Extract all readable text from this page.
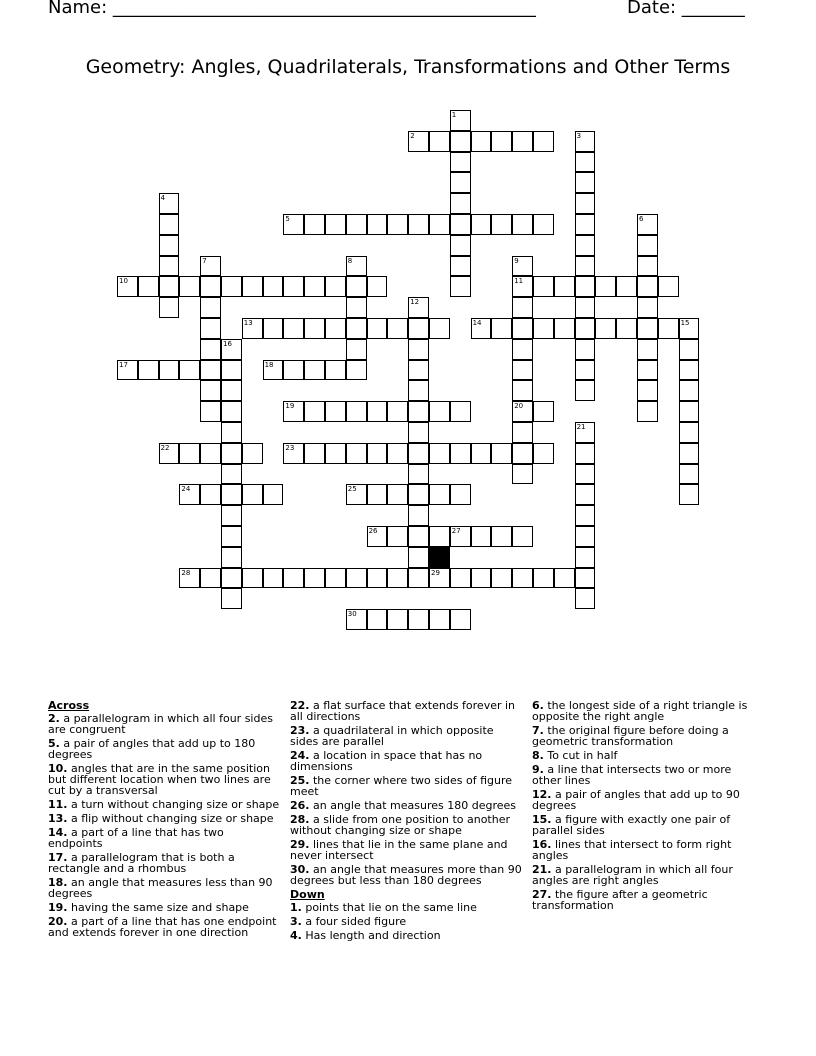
Name: _______________________________________________	Date: _______
Geometry: Angles, Quadrilaterals, Transformations and Other Terms
1
2	3
4
5	6
7	8	9
11
20
10
12
13	14	15
16
17	18
19
21
22	23
24	25
26	27
28	29
30

Across

2. a parallelogram in which all four sides are congruent

5. a pair of angles that add up to 180 degrees

10. angles that are in the same position but different location when two lines are cut by a transversal

11. a turn without changing size or shape

13. a flip without changing size or shape

14. a part of a line that has two endpoints

17. a parallelogram that is both a rectangle and a rhombus

18. an angle that measures less than 90 degrees

19. having the same size and shape

20. a part of a line that has one endpoint and extends forever in one direction

22. a flat surface that extends forever in all directions

23. a quadrilateral in which opposite sides are parallel

24. a location in space that has no dimensions

25. the corner where two sides of figure meet

26. an angle that measures 180 degrees

28. a slide from one position to another without changing size or shape

29. lines that lie in the same plane and never intersect

30. an angle that measures more than 90 degrees but less than 180 degrees

Down

1. points that lie on the same line

3. a four sided figure

4. Has length and direction

6. the longest side of a right triangle is opposite the right angle

7. the original figure before doing a geometric transformation

8. To cut in half

9. a line that intersects two or more other lines

12. a pair of angles that add up to 90 degrees

15. a figure with exactly one pair of parallel sides

16. lines that intersect to form right angles

21. a parallelogram in which all four angles are right angles

27. the figure after a geometric transformation
